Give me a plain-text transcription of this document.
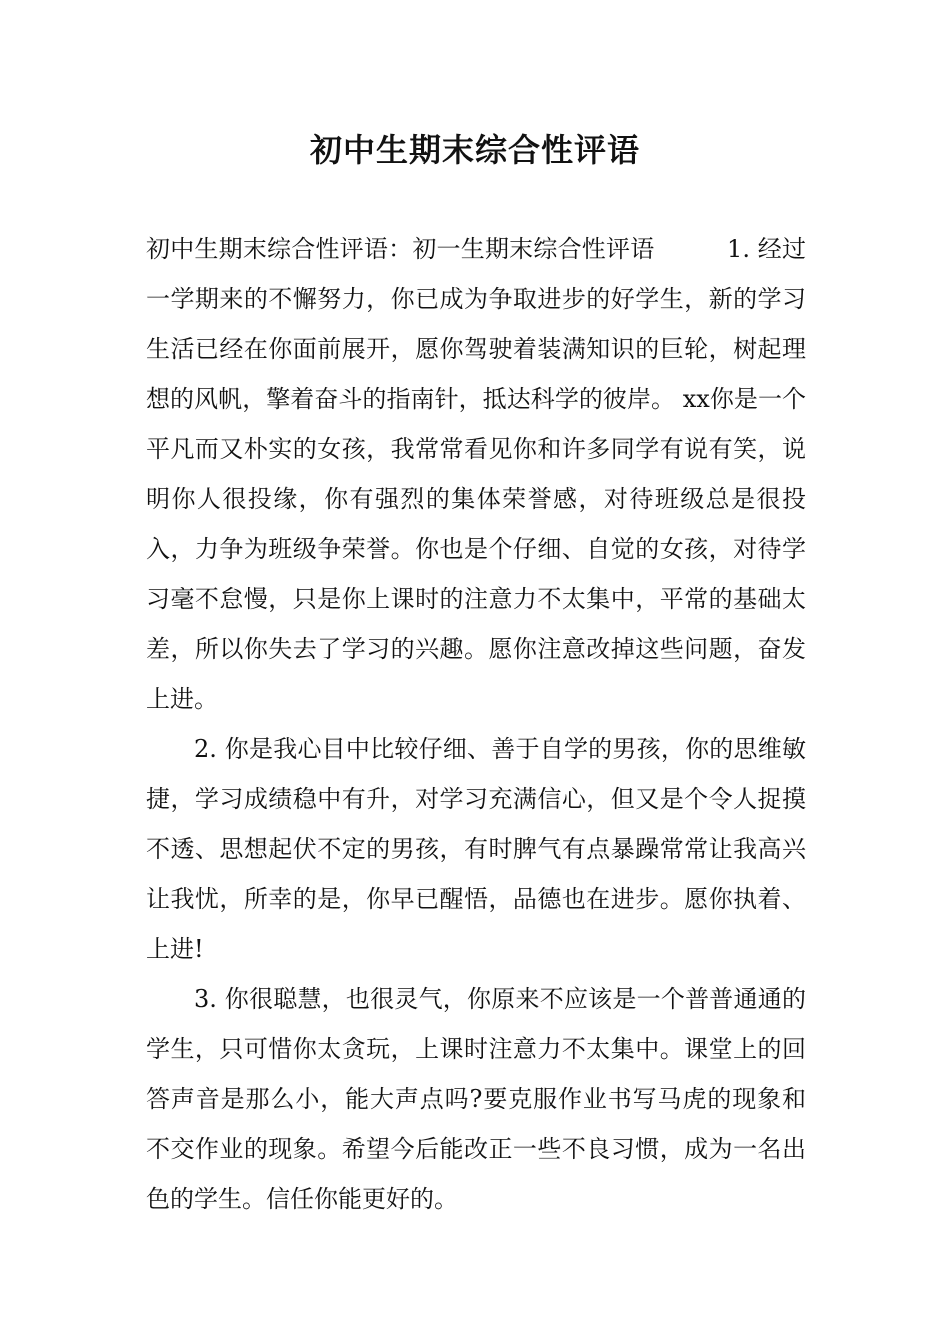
初中生期末综合性评语

初中生期末综合性评语：初一生期末综合性评语　　　1. 经过一学期来的不懈努力，你已成为争取进步的好学生，新的学习生活已经在你面前展开，愿你驾驶着装满知识的巨轮，树起理想的风帆，擎着奋斗的指南针，抵达科学的彼岸。 xx你是一个平凡而又朴实的女孩，我常常看见你和许多同学有说有笑，说明你人很投缘，你有强烈的集体荣誉感，对待班级总是很投入，力争为班级争荣誉。你也是个仔细、自觉的女孩，对待学习毫不怠慢，只是你上课时的注意力不太集中，平常的基础太差，所以你失去了学习的兴趣。愿你注意改掉这些问题，奋发上进。

2. 你是我心目中比较仔细、善于自学的男孩，你的思维敏捷，学习成绩稳中有升，对学习充满信心，但又是个令人捉摸不透、思想起伏不定的男孩，有时脾气有点暴躁常常让我高兴让我忧，所幸的是，你早已醒悟，品德也在进步。愿你执着、上进!

3. 你很聪慧，也很灵气，你原来不应该是一个普普通通的学生，只可惜你太贪玩，上课时注意力不太集中。课堂上的回答声音是那么小，能大声点吗?要克服作业书写马虎的现象和不交作业的现象。希望今后能改正一些不良习惯，成为一名出色的学生。信任你能更好的。
